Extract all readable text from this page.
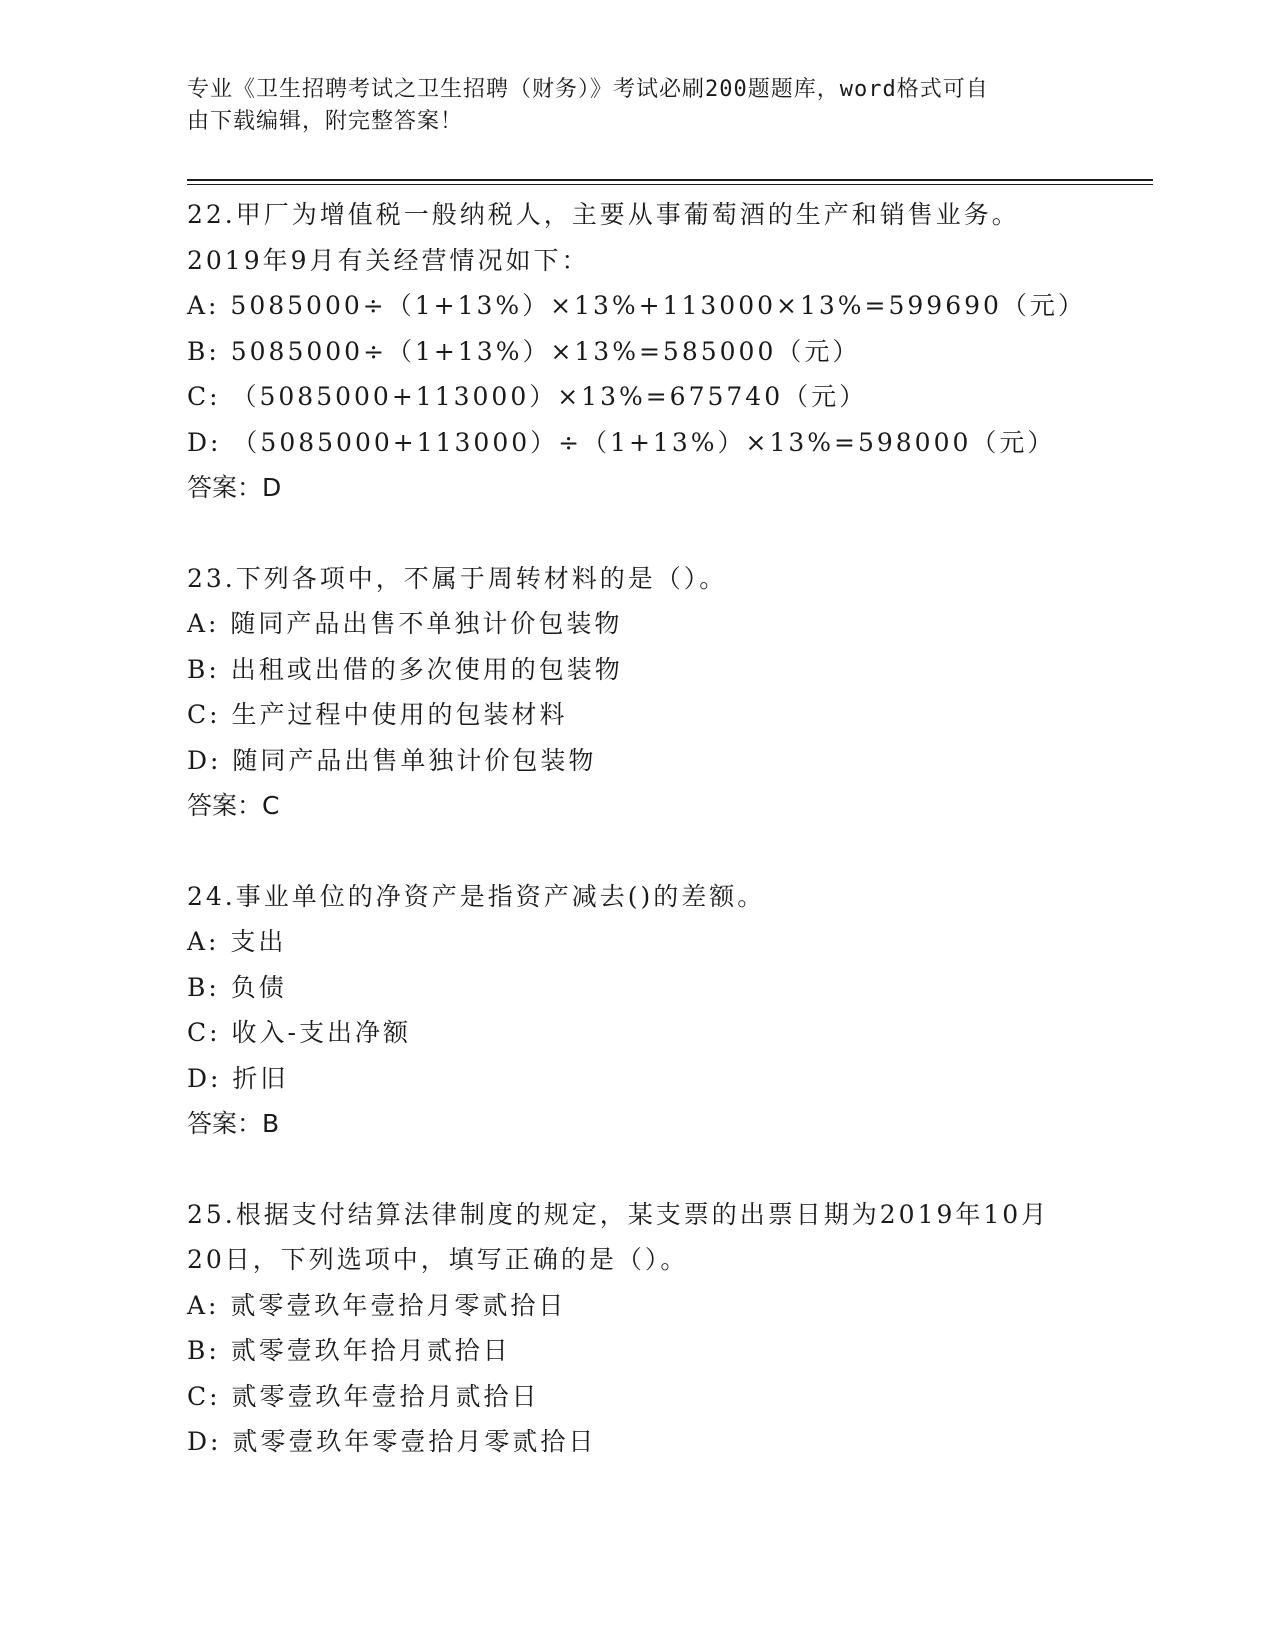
专业《卫生招聘考试之卫生招聘（财务）》考试必刷200题题库，word格式可自
由下载编辑，附完整答案！
22.甲厂为增值税一般纳税人，主要从事葡萄酒的生产和销售业务。
2019年9月有关经营情况如下：
A: 5085000÷（1+13%）×13%+113000×13%=599690（元）
B: 5085000÷（1+13%）×13%=585000（元）
C: （5085000+113000）×13%=675740（元）
D: （5085000+113000）÷（1+13%）×13%=598000（元）
答案：D
23.下列各项中，不属于周转材料的是（）。
A: 随同产品出售不单独计价包装物
B: 出租或出借的多次使用的包装物
C: 生产过程中使用的包装材料
D: 随同产品出售单独计价包装物
答案：C
24.事业单位的净资产是指资产减去()的差额。
A: 支出
B: 负债
C: 收入-支出净额
D: 折旧
答案：B
25.根据支付结算法律制度的规定，某支票的出票日期为2019年10月
20日，下列选项中，填写正确的是（）。
A: 贰零壹玖年壹拾月零贰拾日
B: 贰零壹玖年拾月贰拾日
C: 贰零壹玖年壹拾月贰拾日
D: 贰零壹玖年零壹拾月零贰拾日
